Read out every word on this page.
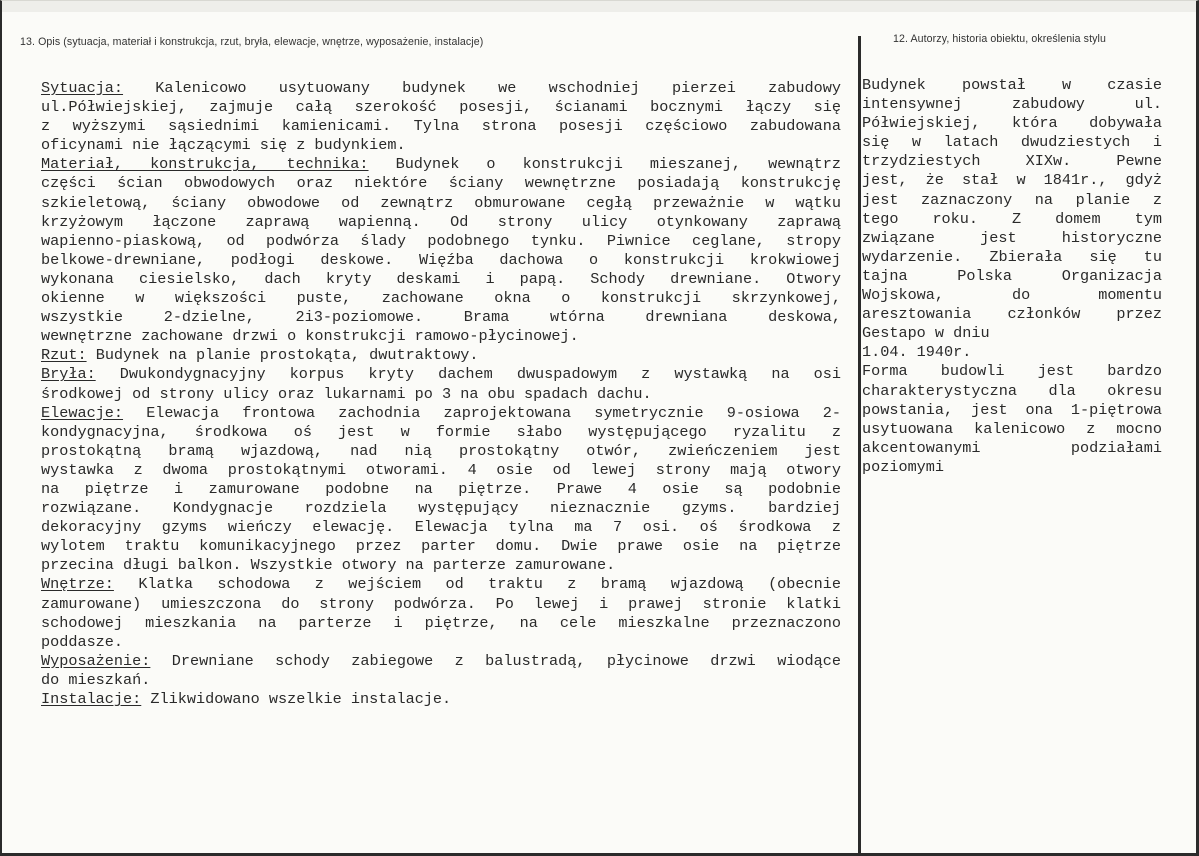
13. Opis (sytuacja, materiał i konstrukcja, rzut, bryła, elewacje, wnętrze, wyposażenie, instalacje)	12. Autorzy, historia obiektu, określenia stylu
Sytuacja: Kalenicowo usytuowany budynek we wschodniej pierzei zabudowy
ul.Półwiejskiej, zajmuje całą szerokość posesji, ścianami bocznymi łączy się
z wyższymi sąsiednimi kamienicami. Tylna strona posesji częściowo zabudowana
oficynami nie łączącymi się z budynkiem.
Materiał, konstrukcja, technika: Budynek o konstrukcji mieszanej, wewnątrz
części ścian obwodowych oraz niektóre ściany wewnętrzne posiadają konstrukcję
szkieletową, ściany obwodowe od zewnątrz obmurowane cegłą przeważnie w wątku
krzyżowym łączone zaprawą wapienną. Od strony ulicy otynkowany zaprawą
wapienno-piaskową, od podwórza ślady podobnego tynku. Piwnice ceglane, stropy
belkowe-drewniane, podłogi deskowe. Więźba dachowa o konstrukcji krokwiowej
wykonana ciesielsko, dach kryty deskami i papą. Schody drewniane. Otwory
okienne w większości puste, zachowane okna o konstrukcji skrzynkowej,
wszystkie 2-dzielne, 2i3-poziomowe. Brama wtórna drewniana deskowa,
wewnętrzne zachowane drzwi o konstrukcji ramowo-płycinowej.
Rzut: Budynek na planie prostokąta, dwutraktowy.
Bryła: Dwukondygnacyjny korpus kryty dachem dwuspadowym z wystawką na osi
środkowej od strony ulicy oraz lukarnami po 3 na obu spadach dachu.
Elewacje: Elewacja frontowa zachodnia zaprojektowana symetrycznie 9-osiowa 2-
kondygnacyjna, środkowa oś jest w formie słabo występującego ryzalitu z
prostokątną bramą wjazdową, nad nią prostokątny otwór, zwieńczeniem jest
wystawka z dwoma prostokątnymi otworami. 4 osie od lewej strony mają otwory
na piętrze i zamurowane podobne na piętrze. Prawe 4 osie są podobnie
rozwiązane. Kondygnacje rozdziela występujący nieznacznie gzyms. bardziej
dekoracyjny gzyms wieńczy elewację. Elewacja tylna ma 7 osi. oś środkowa z
wylotem traktu komunikacyjnego przez parter domu. Dwie prawe osie na piętrze
przecina długi balkon. Wszystkie otwory na parterze zamurowane.
Wnętrze: Klatka schodowa z wejściem od traktu z bramą wjazdową (obecnie
zamurowane) umieszczona do strony podwórza. Po lewej i prawej stronie klatki
schodowej mieszkania na parterze i piętrze, na cele mieszkalne przeznaczono
poddasze.
Wyposażenie: Drewniane schody zabiegowe z balustradą, płycinowe drzwi wiodące
do mieszkań.
Instalacje: Zlikwidowano wszelkie instalacje.
Budynek powstał w czasie
intensywnej zabudowy ul.
Półwiejskiej, która dobywała
się w latach dwudziestych i
trzydziestych XIXw. Pewne
jest, że stał w 1841r., gdyż
jest zaznaczony na planie z
tego roku. Z domem tym
związane jest historyczne
wydarzenie. Zbierała się tu
tajna Polska Organizacja
Wojskowa, do momentu
aresztowania członków przez
Gestapo w dniu
1.04. 1940r.
Forma budowli jest bardzo
charakterystyczna dla okresu
powstania, jest ona 1-piętrowa
usytuowana kalenicowo z mocno
akcentowanymi podziałami
poziomymi
